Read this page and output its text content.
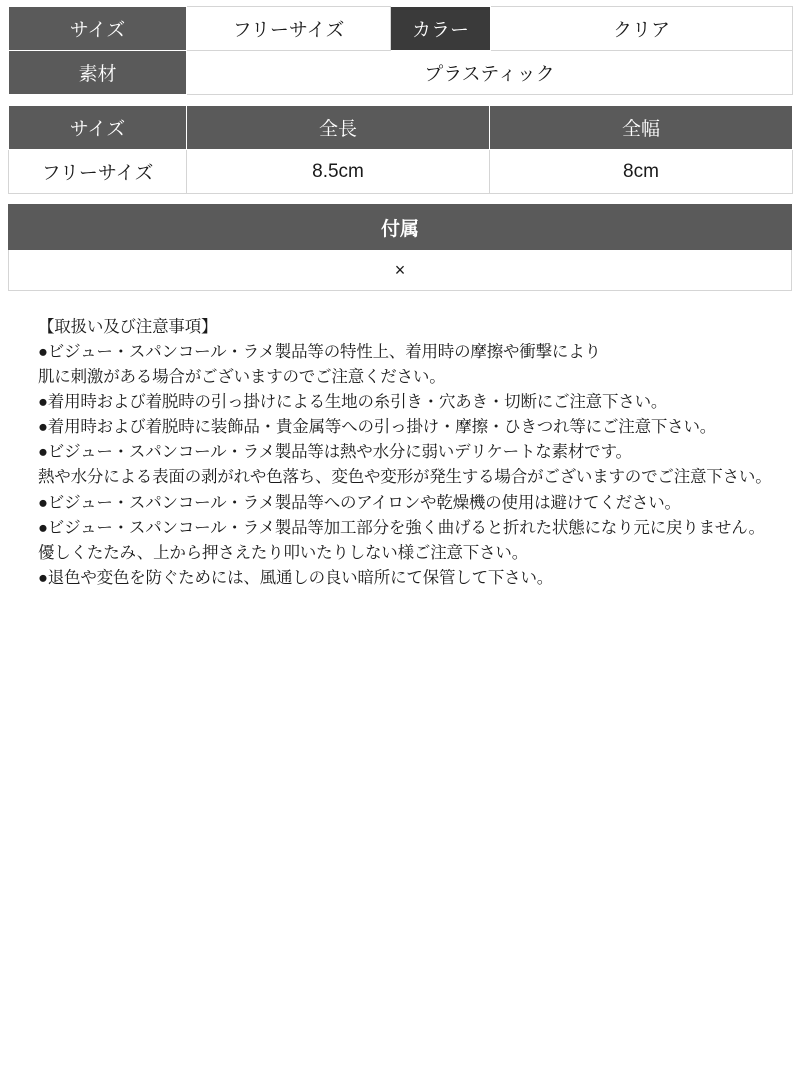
サイズ	フリーサイズ	カラー	クリア
素材	プラスティック		
サイズ	全長	全幅
フリーサイズ	8.5cm	8cm
付属
×

【取扱い及び注意事項】

●ビジュー・スパンコール・ラメ製品等の特性上、着用時の摩擦や衝撃により

肌に刺激がある場合がございますのでご注意ください。

●着用時および着脱時の引っ掛けによる生地の糸引き・穴あき・切断にご注意下さい。

●着用時および着脱時に装飾品・貴金属等への引っ掛け・摩擦・ひきつれ等にご注意下さい。

●ビジュー・スパンコール・ラメ製品等は熱や水分に弱いデリケートな素材です。

熱や水分による表面の剥がれや色落ち、変色や変形が発生する場合がございますのでご注意下さい。

●ビジュー・スパンコール・ラメ製品等へのアイロンや乾燥機の使用は避けてください。

●ビジュー・スパンコール・ラメ製品等加工部分を強く曲げると折れた状態になり元に戻りません。

優しくたたみ、上から押さえたり叩いたりしない様ご注意下さい。

●退色や変色を防ぐためには、風通しの良い暗所にて保管して下さい。
